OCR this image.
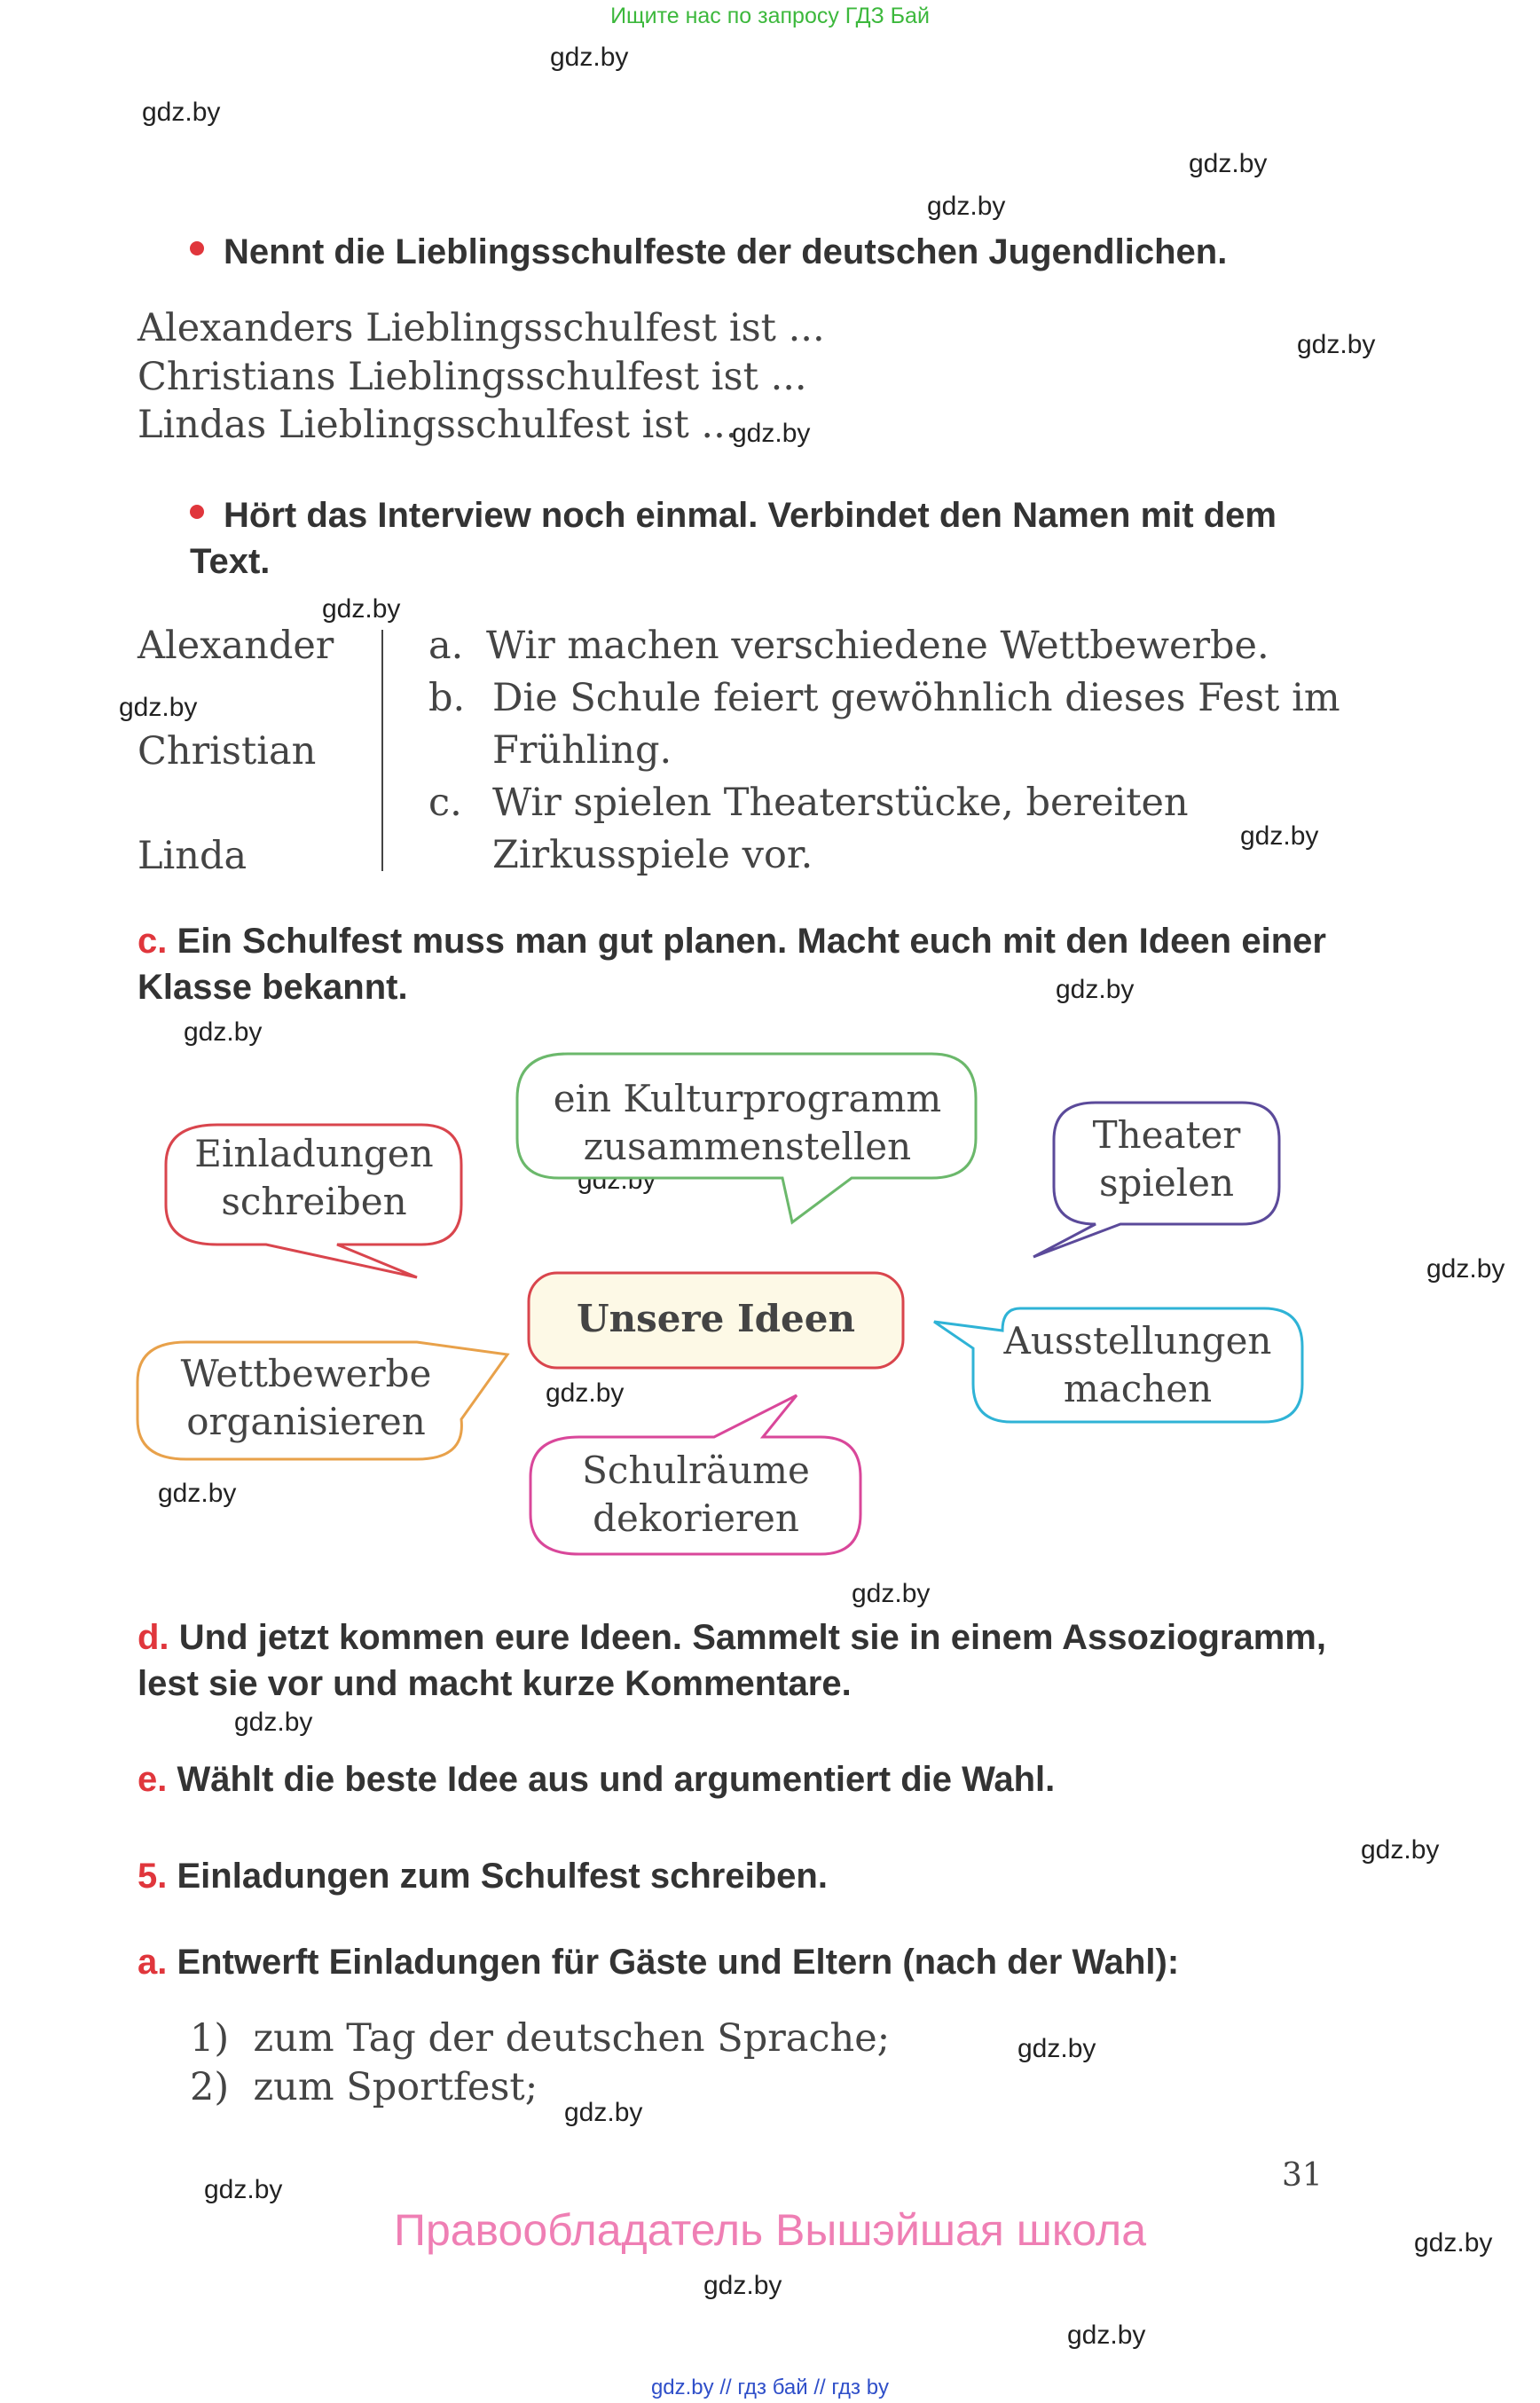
Ищите нас по запросу ГДЗ Бай
gdz.by
gdz.by
gdz.by
gdz.by
gdz.by
gdz.by
gdz.by
gdz.by
gdz.by
gdz.by
gdz.by
gdz.by
gdz.by
gdz.by
gdz.by
gdz.by
gdz.by
gdz.by
gdz.by
gdz.by
gdz.by
gdz.by
gdz.by
gdz.by
Nennt die Lieblingsschulfeste der deutschen Jugendlichen.
Alexanders Lieblingsschulfest ist ...
Christians Lieblingsschulfest ist ...
Lindas Lieblingsschulfest ist ...
Hört das Interview noch einmal. Verbindet den Namen mit dem Text.
Alexander
Christian
Linda
a. Wir machen verschiedene Wettbewerbe.
b. Die Schule feiert gewöhnlich dieses Fest im
Frühling.
c. Wir spielen Theaterstücke, bereiten
Zirkusspiele vor.
c. Ein Schulfest muss man gut planen. Macht euch mit den Ideen einer Klasse bekannt.
Einladungen
schreiben
ein Kulturprogramm
zusammenstellen	Theater
spielen
Unsere Ideen
Wettbewerbe
organisieren
Ausstellungen
machen
Schulräume
dekorieren
d. Und jetzt kommen eure Ideen. Sammelt sie in einem Assoziogramm, lest sie vor und macht kurze Kommentare.
e. Wählt die beste Idee aus und argumentiert die Wahl.
5. Einladungen zum Schulfest schreiben.
a. Entwerft Einladungen für Gäste und Eltern (nach der Wahl):
1) zum Tag der deutschen Sprache;
2) zum Sportfest;
31
Правообладатель Вышэйшая школа
gdz.by // гдз бай // гдз by
